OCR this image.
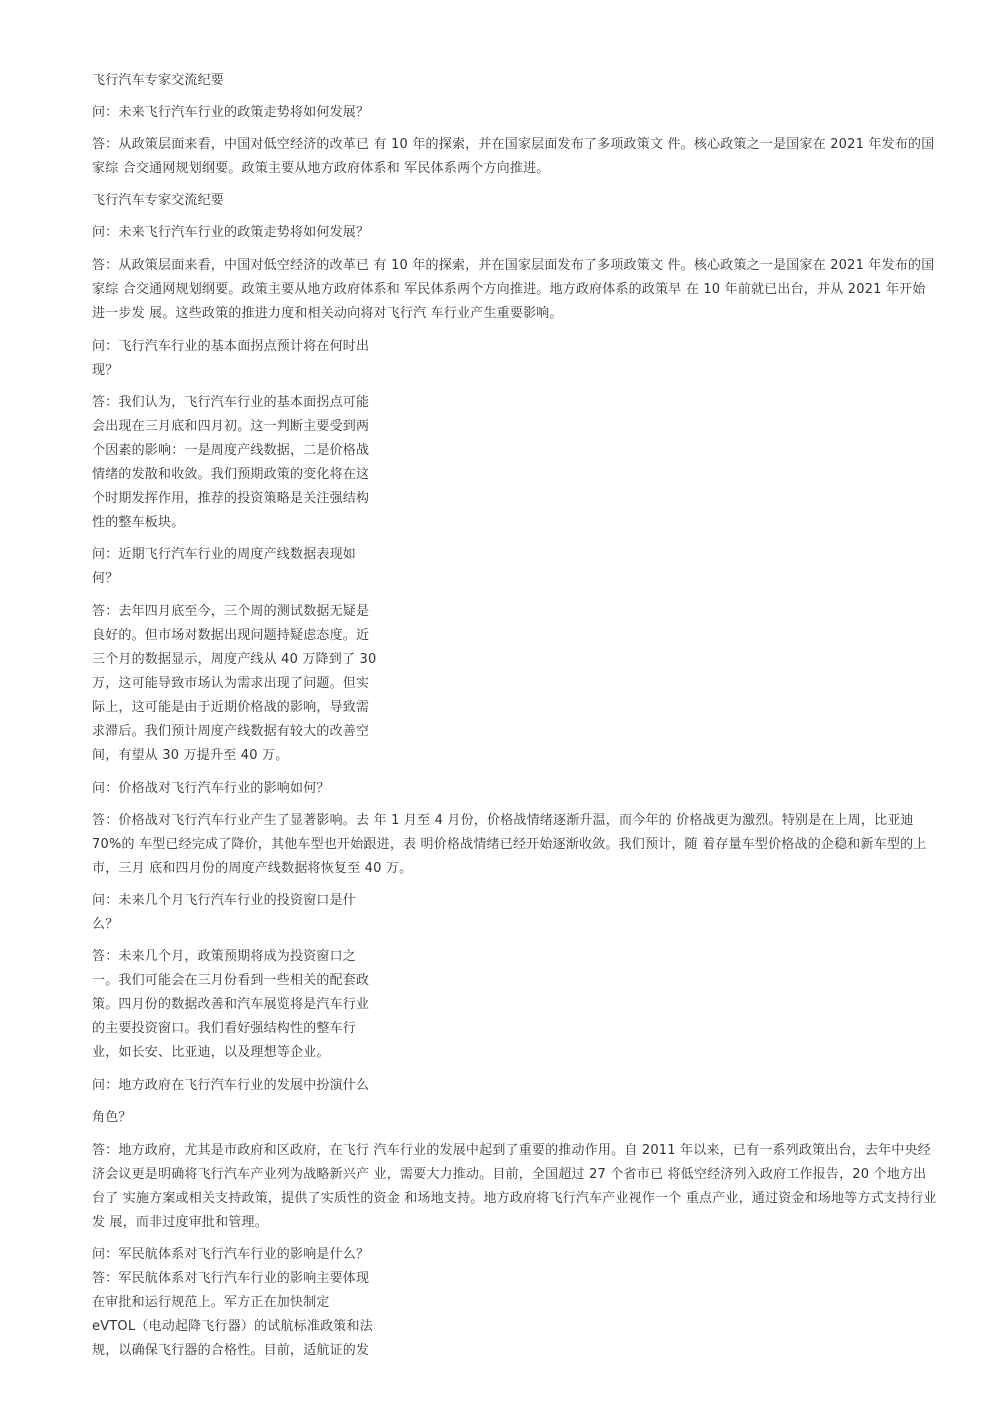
飞行汽车专家交流纪要

问：未来飞行汽车行业的政策走势将如何发展？

答：从政策层面来看，中国对低空经济的改革已 有 10 年的探索，并在国家层面发布了多项政策文 件。核心政策之一是国家在 2021 年发布的国
家综 合交通网规划纲要。政策主要从地方政府体系和 军民体系两个方向推进。

飞行汽车专家交流纪要

问：未来飞行汽车行业的政策走势将如何发展？

答：从政策层面来看，中国对低空经济的改革已 有 10 年的探索，并在国家层面发布了多项政策文 件。核心政策之一是国家在 2021 年发布的国
家综 合交通网规划纲要。政策主要从地方政府体系和 军民体系两个方向推进。地方政府体系的政策早 在 10 年前就已出台，并从 2021 年开始
进一步发 展。这些政策的推进力度和相关动向将对飞行汽 车行业产生重要影响。

问：飞行汽车行业的基本面拐点预计将在何时出
现？

答：我们认为，飞行汽车行业的基本面拐点可能
会出现在三月底和四月初。这一判断主要受到两
个因素的影响：一是周度产线数据，二是价格战
情绪的发散和收敛。我们预期政策的变化将在这
个时期发挥作用，推荐的投资策略是关注强结构
性的整车板块。

问：近期飞行汽车行业的周度产线数据表现如
何？

答：去年四月底至今，三个周的测试数据无疑是
良好的。但市场对数据出现问题持疑虑态度。近
三个月的数据显示，周度产线从 40 万降到了 30
万，这可能导致市场认为需求出现了问题。但实
际上，这可能是由于近期价格战的影响，导致需
求滞后。我们预计周度产线数据有较大的改善空
间，有望从 30 万提升至 40 万。

问：价格战对飞行汽车行业的影响如何？

答：价格战对飞行汽车行业产生了显著影响。去 年 1 月至 4 月份，价格战情绪逐渐升温，而今年的 价格战更为激烈。特别是在上周，比亚迪
70%的 车型已经完成了降价，其他车型也开始跟进，表 明价格战情绪已经开始逐渐收敛。我们预计，随 着存量车型价格战的企稳和新车型的上
市，三月 底和四月份的周度产线数据将恢复至 40 万。

问：未来几个月飞行汽车行业的投资窗口是什
么？

答：未来几个月，政策预期将成为投资窗口之
一。我们可能会在三月份看到一些相关的配套政
策。四月份的数据改善和汽车展览将是汽车行业
的主要投资窗口。我们看好强结构性的整车行
业，如长安、比亚迪，以及理想等企业。

问：地方政府在飞行汽车行业的发展中扮演什么

角色？

答：地方政府，尤其是市政府和区政府，在飞行 汽车行业的发展中起到了重要的推动作用。自 2011 年以来，已有一系列政策出台，去年中央经
济会议更是明确将飞行汽车产业列为战略新兴产 业，需要大力推动。目前，全国超过 27 个省市已 将低空经济列入政府工作报告，20 个地方出
台了 实施方案或相关支持政策，提供了实质性的资金 和场地支持。地方政府将飞行汽车产业视作一个 重点产业，通过资金和场地等方式支持行业
发 展，而非过度审批和管理。

问：军民航体系对飞行汽车行业的影响是什么？
答：军民航体系对飞行汽车行业的影响主要体现
在审批和运行规范上。军方正在加快制定
eVTOL（电动起降飞行器）的试航标准政策和法
规，以确保飞行器的合格性。目前，适航证的发
